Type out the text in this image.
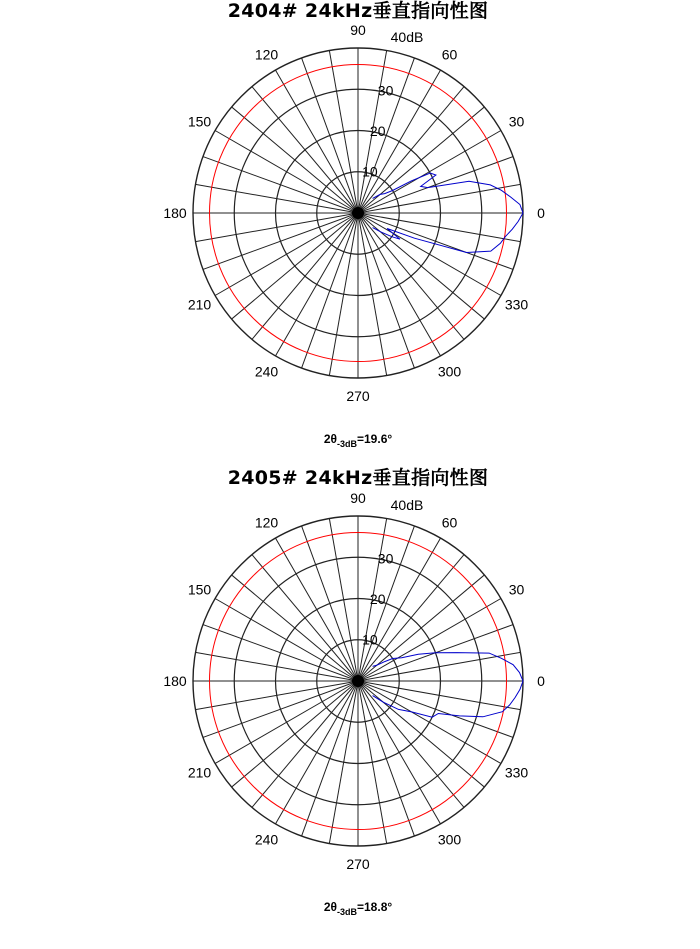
$2\theta_{-3dB}=19.6^\circ$
10
20
30
0
30
60
90
120
150
180
210
240
270
300
330
2404# 24kHz垂直指向性图
40dB
$2\theta_{-3dB}=18.8^\circ$
10
20
30
0
30
60
90
120
150
180
210
240
270
300
330
2405# 24kHz垂直指向性图
40dB
